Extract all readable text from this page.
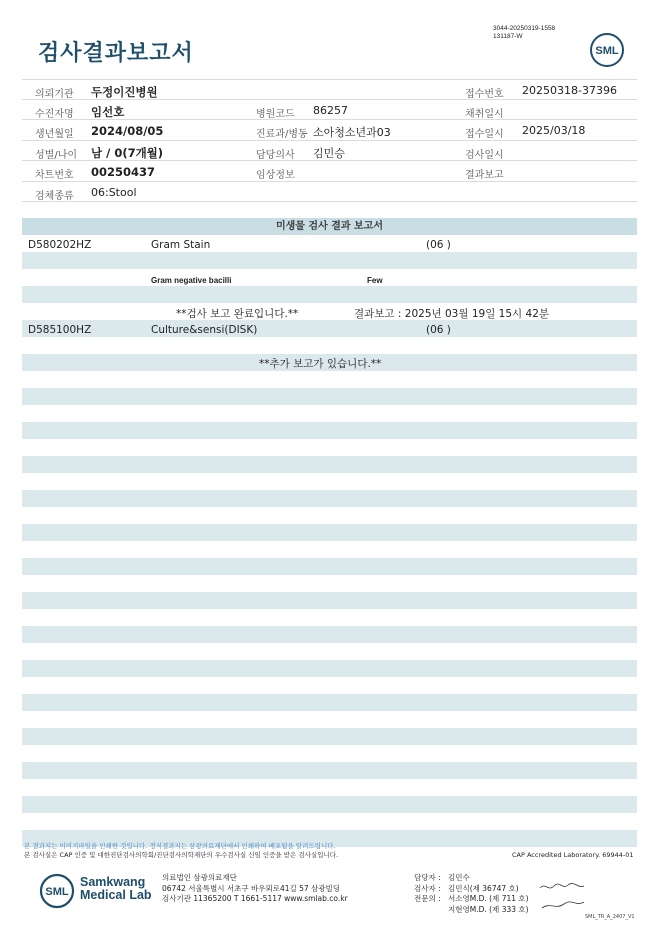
검사결과보고서
3044-20250319-1558
131187-W
SML
의뢰기관 두정이진병원	접수번호 20250318-37396
수진자명 임선호	병원코드 86257	채취일시
생년월일 2024/08/05	진료과/병동 소아청소년과03	접수일시 2025/03/18
성별/나이 남 / 0(7개월)	담당의사 김민승	검사일시
차트번호 00250437	임상정보	결과보고
검체종류 06:Stool
미생물 검사 결과 보고서
D580202HZ	Gram Stain	(06 )
Gram negative bacilli	Few
**검사 보고 완료입니다.**	결과보고 : 2025년 03월 19일 15시 42분
D585100HZ	Culture&sensi(DISK)	(06 )
**추가 보고가 있습니다.**
본 결과지는 이미지파일을 인쇄한 것입니다. 정식결과지는 삼광의료재단에서 인쇄하여 배포됨을 알려드립니다.
본 검사실은 CAP 인증 및 대한진단검사의학회/진단검사의학재단의 우수검사실 신임 인증을 받은 검사실입니다.	CAP Accredited Laboratory. 69944-01
SML
Samkwang
Medical Lab
의료법인 삼광의료재단
06742 서울특별시 서초구 바우뫼로41길 57 삼광빌딩
검사기관 11365200 T 1661-5117 www.smlab.co.kr
담당자 : 김민수
검사자 : 김민식(제 36747 호)
전문의 : 서소영M.D. (제 711 호)
지현영M.D. (제 333 호)
SML_TR_A_2407_V1
